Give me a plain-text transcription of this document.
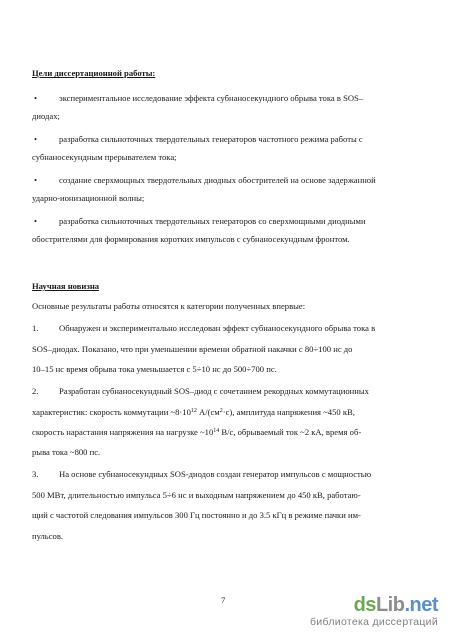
Цели диссертационной работы:
•	экспериментальное исследование эффекта субнаносекундного обрыва тока в SOS–
диодах;
•	разработка сильноточных твердотельных генераторов частотного режима работы с
субнаносекундным прерывателем тока;
•	создание сверхмощных твердотельных диодных обострителей на основе задержанной
ударно-ионизационной волны;
•	разработка сильноточных твердотельных генераторов со сверхмощными диодными
обострителями для формирования коротких импульсов с субнаносекундным фронтом.
Научная новизна
Основные результаты работы относятся к категории полученных впервые:
1. Обнаружен и экспериментально исследован эффект субнаносекундного обрыва тока в
SOS–диодах. Показано, что при уменьшении времени обратной накачки с 80÷100 нс до
10–15 нс время обрыва тока уменьшается с 5÷10 нс до 500÷700 пс.
2. Разработан субнаносекундный SOS–диод с сочетанием рекордных коммутационных
характеристик: скорость коммутации $\sim 8\cdot 10^{12}$ $А/(см^2\cdot с)$, амплитуда напряжения ~450 кВ,
скорость нарастания напряжения на нагрузке $\sim 10^{14}$ В/с, обрываемый ток ~2 кА, время об-
рыва тока ~800 пс.
3. На основе субнаносекундных SOS-диодов создан генератор импульсов с мощностью
500 МВт, длительностью импульса 5÷6 нс и выходным напряжением до 450 кВ, работаю-
щий с частотой следования импульсов 300 Гц постоянно и до 3.5 кГц в режиме пачки им-
пульсов.
7	dsLib.net
библиотека диссертаций
